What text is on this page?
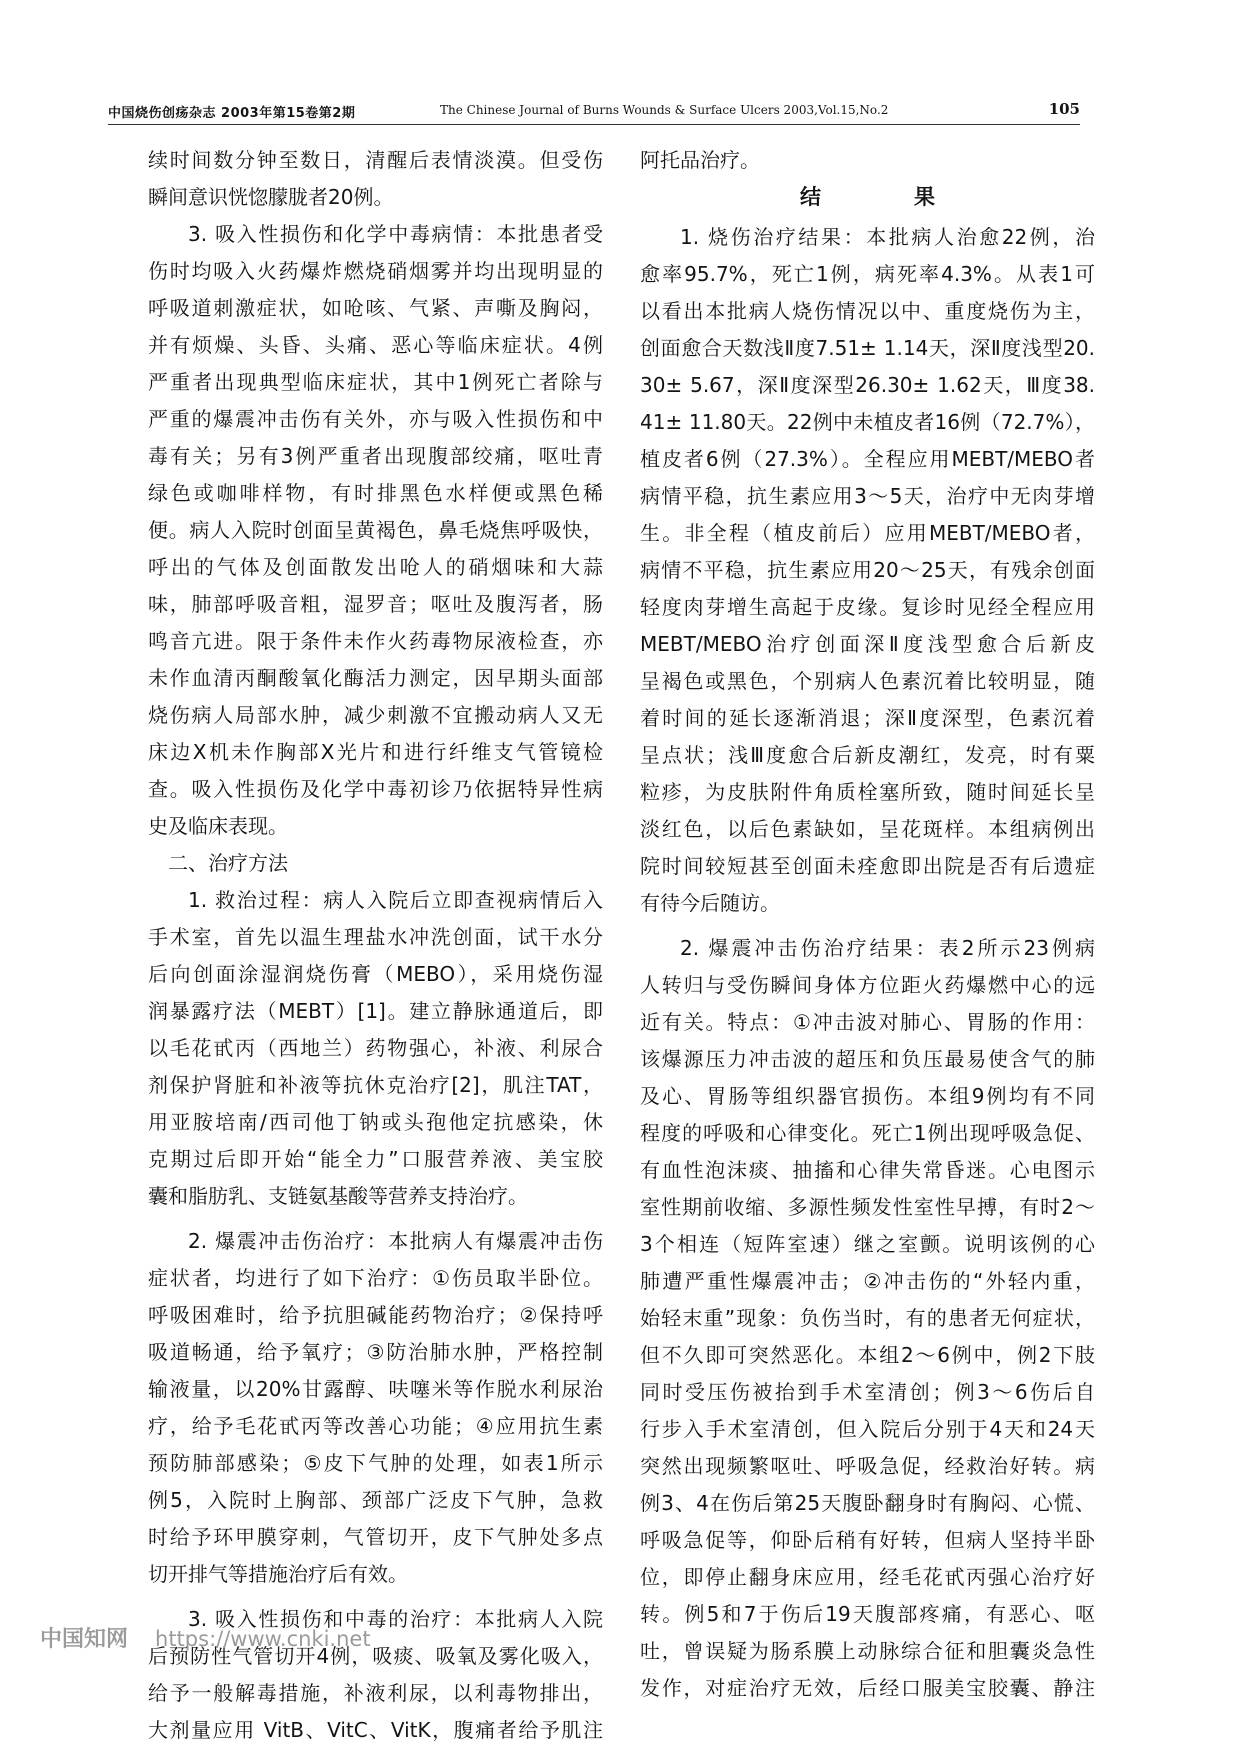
中国烧伤创疡杂志 2003年第15卷第2期	The Chinese Journal of Burns Wounds & Surface Ulcers 2003,Vol.15,No.2	105
续时间数分钟至数日，清醒后表情淡漠。但受伤
瞬间意识恍惚朦胧者20例。
3. 吸入性损伤和化学中毒病情：本批患者受
伤时均吸入火药爆炸燃烧硝烟雾并均出现明显的
呼吸道刺激症状，如呛咳、气紧、声嘶及胸闷，
并有烦燥、头昏、头痛、恶心等临床症状。4例
严重者出现典型临床症状，其中1例死亡者除与
严重的爆震冲击伤有关外，亦与吸入性损伤和中
毒有关；另有3例严重者出现腹部绞痛，呕吐青
绿色或咖啡样物，有时排黑色水样便或黑色稀
便。病人入院时创面呈黄褐色，鼻毛烧焦呼吸快，
呼出的气体及创面散发出呛人的硝烟味和大蒜
味，肺部呼吸音粗，湿罗音；呕吐及腹泻者，肠
鸣音亢进。限于条件未作火药毒物尿液检查，亦
未作血清丙酮酸氧化酶活力测定，因早期头面部
烧伤病人局部水肿，减少刺激不宜搬动病人又无
床边X机未作胸部X光片和进行纤维支气管镜检
查。吸入性损伤及化学中毒初诊乃依据特异性病
史及临床表现。
二、治疗方法
1. 救治过程：病人入院后立即查视病情后入
手术室，首先以温生理盐水冲洗创面，试干水分
后向创面涂湿润烧伤膏（MEBO），采用烧伤湿
润暴露疗法（MEBT）[1]。建立静脉通道后，即
以毛花甙丙（西地兰）药物强心，补液、利尿合
剂保护肾脏和补液等抗休克治疗[2]，肌注TAT，
用亚胺培南/西司他丁钠或头孢他定抗感染，休
克期过后即开始“能全力”口服营养液、美宝胶
囊和脂肪乳、支链氨基酸等营养支持治疗。
2. 爆震冲击伤治疗：本批病人有爆震冲击伤
症状者，均进行了如下治疗：①伤员取半卧位。
呼吸困难时，给予抗胆碱能药物治疗；②保持呼
吸道畅通，给予氧疗；③防治肺水肿，严格控制
输液量，以20%甘露醇、呋噻米等作脱水利尿治
疗，给予毛花甙丙等改善心功能；④应用抗生素
预防肺部感染；⑤皮下气肿的处理，如表1所示
例5，入院时上胸部、颈部广泛皮下气肿，急救
时给予环甲膜穿刺，气管切开，皮下气肿处多点
切开排气等措施治疗后有效。
3. 吸入性损伤和中毒的治疗：本批病人入院
后预防性气管切开4例，吸痰、吸氧及雾化吸入，
给予一般解毒措施，补液利尿，以利毒物排出，
大剂量应用 VitB、VitC、VitK，腹痛者给予肌注
阿托品治疗。
结　果
1. 烧伤治疗结果：本批病人治愈22例，治
愈率95.7%，死亡1例，病死率4.3%。从表1可
以看出本批病人烧伤情况以中、重度烧伤为主，
创面愈合天数浅Ⅱ度7.51± 1.14天，深Ⅱ度浅型20.
30± 5.67，深Ⅱ度深型26.30± 1.62天，Ⅲ度38.
41± 11.80天。22例中未植皮者16例（72.7%），
植皮者6例（27.3%）。全程应用MEBT/MEBO者
病情平稳，抗生素应用3～5天，治疗中无肉芽增
生。非全程（植皮前后）应用MEBT/MEBO者，
病情不平稳，抗生素应用20～25天，有残余创面
轻度肉芽增生高起于皮缘。复诊时见经全程应用
MEBT/MEBO治疗创面深Ⅱ度浅型愈合后新皮
呈褐色或黑色，个别病人色素沉着比较明显，随
着时间的延长逐渐消退；深Ⅱ度深型，色素沉着
呈点状；浅Ⅲ度愈合后新皮潮红，发亮，时有粟
粒疹，为皮肤附件角质栓塞所致，随时间延长呈
淡红色，以后色素缺如，呈花斑样。本组病例出
院时间较短甚至创面未痊愈即出院是否有后遗症
有待今后随访。
2. 爆震冲击伤治疗结果：表2所示23例病
人转归与受伤瞬间身体方位距火药爆燃中心的远
近有关。特点：①冲击波对肺心、胃肠的作用：
该爆源压力冲击波的超压和负压最易使含气的肺
及心、胃肠等组织器官损伤。本组9例均有不同
程度的呼吸和心律变化。死亡1例出现呼吸急促、
有血性泡沫痰、抽搐和心律失常昏迷。心电图示
室性期前收缩、多源性频发性室性早搏，有时2～
3个相连（短阵室速）继之室颤。说明该例的心
肺遭严重性爆震冲击；②冲击伤的“外轻内重，
始轻末重”现象：负伤当时，有的患者无何症状，
但不久即可突然恶化。本组2～6例中，例2下肢
同时受压伤被抬到手术室清创；例3～6伤后自
行步入手术室清创，但入院后分别于4天和24天
突然出现频繁呕吐、呼吸急促，经救治好转。病
例3、4在伤后第25天腹卧翻身时有胸闷、心慌、
呼吸急促等，仰卧后稍有好转，但病人坚持半卧
位，即停止翻身床应用，经毛花甙丙强心治疗好
转。例5和7于伤后19天腹部疼痛，有恶心、呕
吐，曾误疑为肠系膜上动脉综合征和胆囊炎急性
发作，对症治疗无效，后经口服美宝胶囊、静注
中国知网 https://www.cnki.net
